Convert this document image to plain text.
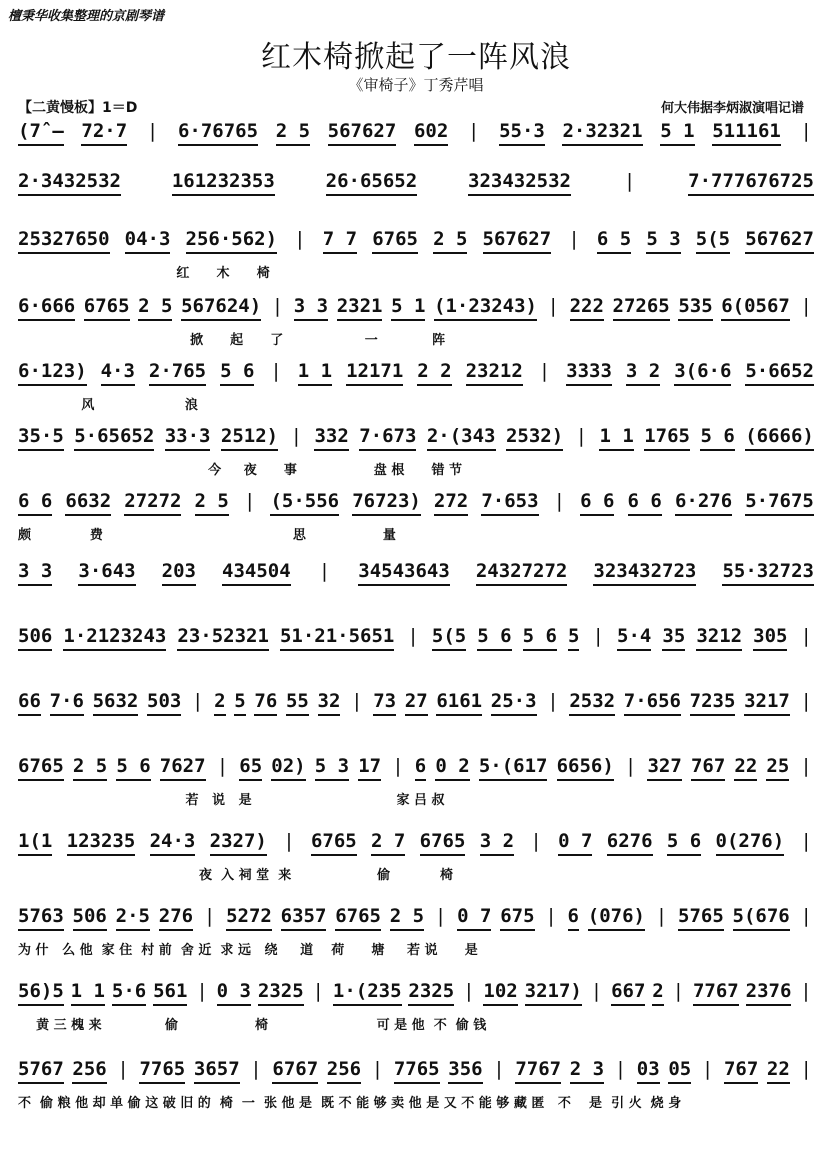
檀秉华收集整理的京剧琴谱
红木椅掀起了一阵风浪
《审椅子》丁秀芹唱
【二黄慢板】1＝D	何大伟据李炳淑演唱记谱
(7̂ – 72·7 | 6·76765 2 5 567627 602 | 55·3 2·32321 5 1 511161 |
2·3432532	161232353	26·65652	323432532	|	7·777676725
25327650 04·3 256·562) | 7 7 6765 2 5 567627 | 6 5 5 3 5(5 567627
红      木      椅
6·666 6765 2 5 567624) | 3 3 2321 5 1 (1·23243) | 222 27265 535 6(0567 |
掀      起      了                  一            阵
6·123) 4·3 2·765 5 6 | 1 1 12171 2 2 23212 | 3333 3 2 3(6·6 5·6652
风                    浪
35·5 5·65652 33·3 2512) | 332 7·673 2·(343 2532) | 1 1 1765 5 6 (6666)
今     夜      事                 盘 根      错 节
6 6 6632 27272 2 5 | (5·556 76723) 272 7·653 | 6 6 6 6 6·276 5·7675
颇             费                                          思                 量
3 3 3·643 203 434504 | 34543643 24327272 323432723 55·32723
506 1·2123243 23·52321 51·21·5651 | 5(5 5 6 5 6 5 | 5·4 35 3212 305 |
66 7·6 5632 503 | 2 5 76 55 32 | 73 27 6161 25·3 | 2532 7·656 7235 3217 |
6765 2 5 5 6 7627 | 65 02) 5 3 17 | 6 0 2 5·(617 6656) | 327 767 22 25 |
若   说   是                                家 吕 叔
1(1 123235 24·3 2327) | 6765 2 7 6765 3 2 | 0 7 6276 5 6 0(276) |
夜  入 祠 堂  来                   偷           椅
5763 506 2·5 276 | 5272 6357 6765 2 5 | 0 7 675 | 6 (076) | 5765 5(676 |
为 什   么 他  家 住  村 前  舍 近  求 远   绕     道    荷      塘     若 说      是
56)5 1 1 5·6 561 | 0 3 2325 | 1·(235 2325 | 102 3217) | 667 2 | 7767 2376 |
黄 三 槐 来              偷                 椅                        可 是 他  不  偷 钱
5767 256 | 7765 3657 | 6767 256 | 7765 356 | 7767 2 3 | 03 05 | 767 22 |
不  偷 粮 他 却 单 偷 这 破 旧 的  椅  一  张 他 是  既 不 能 够 卖 他 是 又 不 能 够 藏 匿   不    是  引 火  烧 身
